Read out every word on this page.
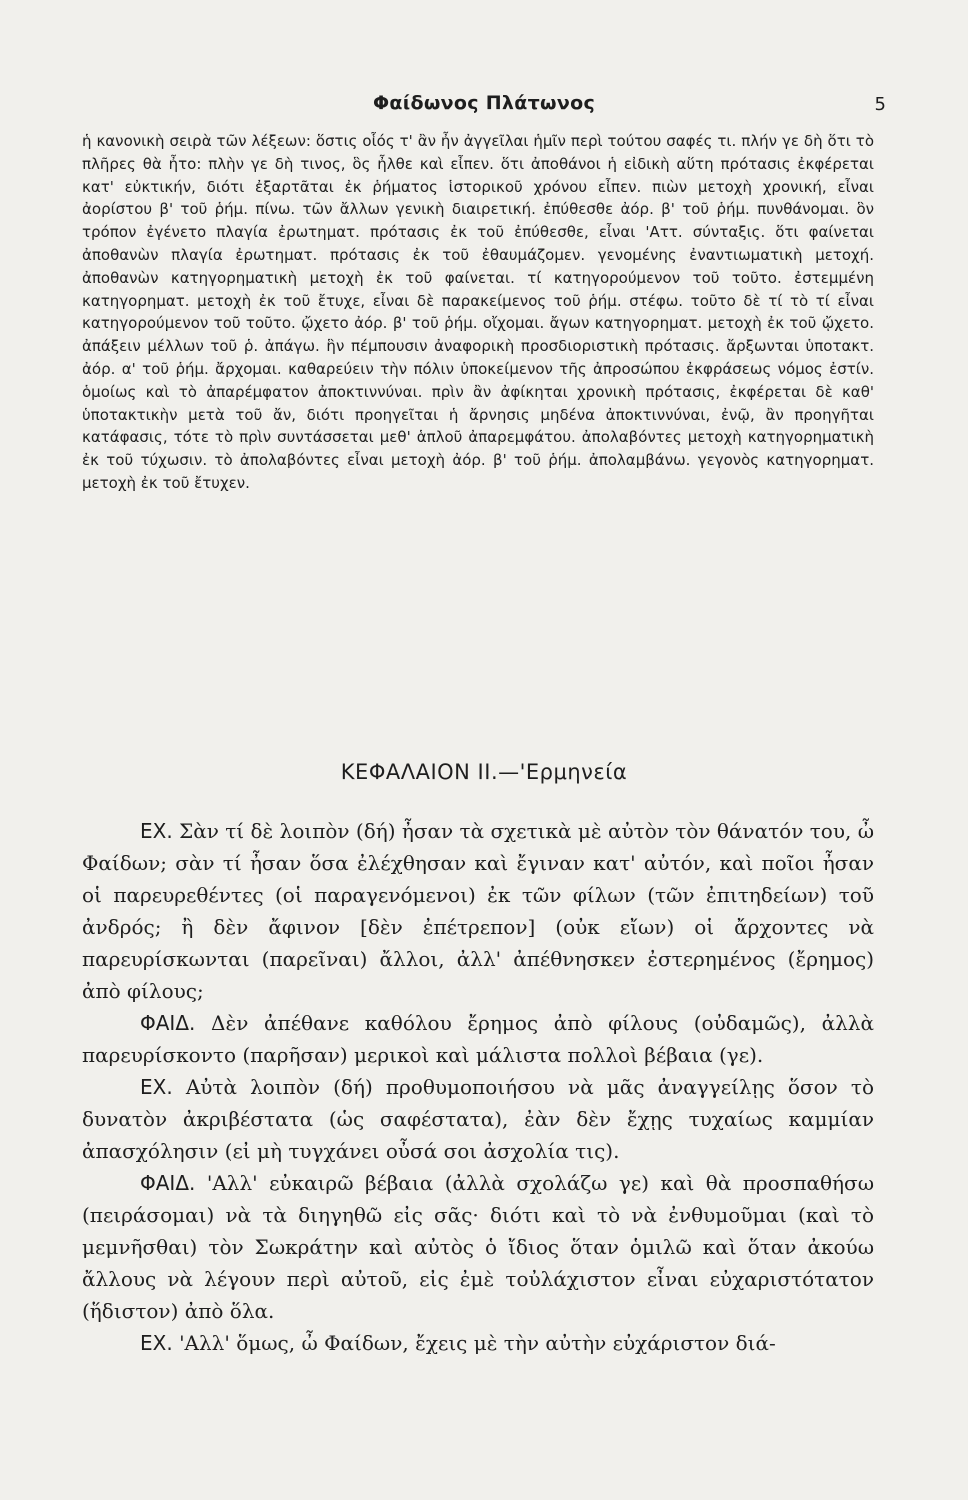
Φαίδωνος Πλάτωνος	5

ἡ κανονικὴ σειρὰ τῶν λέξεων: ὅστις οἷός τ' ἂν ἦν ἀγγεῖλαι ἡμῖν περὶ τούτου σαφές τι. πλήν γε δὴ ὅτι τὸ πλῆρες θὰ ἦτο: πλὴν γε δὴ τινος, ὃς ἦλθε καὶ εἶπεν. ὅτι ἀποθάνοι ἡ εἰδικὴ αὕτη πρότασις ἐκφέρεται κατ' εὐκτικήν, διότι ἐξαρτᾶται ἐκ ῥήματος ἱστορικοῦ χρόνου εἶπεν. πιὼν μετοχὴ χρονική, εἶναι ἀορίστου β' τοῦ ῥήμ. πίνω. τῶν ἄλλων γενικὴ διαιρετική. ἐπύθεσθε ἀόρ. β' τοῦ ῥήμ. πυνθάνομαι. ὃν τρόπον ἐγένετο πλαγία ἐρωτηματ. πρότασις ἐκ τοῦ ἐπύθεσθε, εἶναι 'Αττ. σύνταξις. ὅτι φαίνεται ἀποθανὼν πλαγία ἐρωτηματ. πρότασις ἐκ τοῦ ἐθαυμάζομεν. γενομένης ἐναντιωματικὴ μετοχή. ἀποθανὼν κατηγορηματικὴ μετοχὴ ἐκ τοῦ φαίνεται. τί κατηγορούμενον τοῦ τοῦτο. ἐστεμμένη κατηγορηματ. μετοχὴ ἐκ τοῦ ἔτυχε, εἶναι δὲ παρακείμενος τοῦ ῥήμ. στέφω. τοῦτο δὲ τί τὸ τί εἶναι κατηγορούμενον τοῦ τοῦτο. ᾤχετο ἀόρ. β' τοῦ ῥήμ. οἴχομαι. ἄγων κατηγορηματ. μετοχὴ ἐκ τοῦ ᾤχετο. ἀπάξειν μέλλων τοῦ ῥ. ἀπάγω. ἣν πέμπουσιν ἀναφορικὴ προσδιοριστικὴ πρότασις. ἄρξωνται ὑποτακτ. ἀόρ. α' τοῦ ῥήμ. ἄρχομαι. καθαρεύειν τὴν πόλιν ὑποκείμενον τῆς ἀπροσώπου ἐκφράσεως νόμος ἐστίν. ὁμοίως καὶ τὸ ἀπαρέμφατον ἀποκτιννύναι. πρὶν ἂν ἀφίκηται χρονικὴ πρότασις, ἐκφέρεται δὲ καθ' ὑποτακτικὴν μετὰ τοῦ ἄν, διότι προηγεῖται ἡ ἄρνησις μηδένα ἀποκτιννύναι, ἐνῷ, ἂν προηγῆται κατάφασις, τότε τὸ πρὶν συντάσσεται μεθ' ἁπλοῦ ἀπαρεμφάτου. ἀπολαβόντες μετοχὴ κατηγορηματικὴ ἐκ τοῦ τύχωσιν. τὸ ἀπολαβόντες εἶναι μετοχὴ ἀόρ. β' τοῦ ῥήμ. ἀπολαμβάνω. γεγονὸς κατηγορηματ. μετοχὴ ἐκ τοῦ ἔτυχεν.

ΚΕΦΑΛΑΙΟΝ ΙΙ.—'Ερμηνεία

ΕΧ. Σὰν τί δὲ λοιπὸν (δή) ἦσαν τὰ σχετικὰ μὲ αὐτὸν τὸν θάνατόν του, ὦ Φαίδων; σὰν τί ἦσαν ὅσα ἐλέχθησαν καὶ ἔγιναν κατ' αὐτόν, καὶ ποῖοι ἦσαν οἱ παρευρεθέντες (οἱ παραγενόμενοι) ἐκ τῶν φίλων (τῶν ἐπιτηδείων) τοῦ ἀνδρός; ἢ δὲν ἄφινον [δὲν ἐπέτρεπον] (οὐκ εἴων) οἱ ἄρχοντες νὰ παρευρίσκωνται (παρεῖναι) ἄλλοι, ἀλλ' ἀπέθνησκεν ἐστερημένος (ἔρημος) ἀπὸ φίλους;

ΦΑΙΔ. Δὲν ἀπέθανε καθόλου ἔρημος ἀπὸ φίλους (οὐδαμῶς), ἀλλὰ παρευρίσκοντο (παρῆσαν) μερικοὶ καὶ μάλιστα πολλοὶ βέβαια (γε).

ΕΧ. Αὐτὰ λοιπὸν (δή) προθυμοποιήσου νὰ μᾶς ἀναγγείλῃς ὅσον τὸ δυνατὸν ἀκριβέστατα (ὡς σαφέστατα), ἐὰν δὲν ἔχῃς τυχαίως καμμίαν ἀπασχόλησιν (εἰ μὴ τυγχάνει οὖσά σοι ἀσχολία τις).

ΦΑΙΔ. 'Αλλ' εὐκαιρῶ βέβαια (ἀλλὰ σχολάζω γε) καὶ θὰ προσπαθήσω (πειράσομαι) νὰ τὰ διηγηθῶ εἰς σᾶς· διότι καὶ τὸ νὰ ἐνθυμοῦμαι (καὶ τὸ μεμνῆσθαι) τὸν Σωκράτην καὶ αὐτὸς ὁ ἴδιος ὅταν ὁμιλῶ καὶ ὅταν ἀκούω ἄλλους νὰ λέγουν περὶ αὐτοῦ, εἰς ἐμὲ τοὐλάχιστον εἶναι εὐχαριστότατον (ἥδιστον) ἀπὸ ὅλα.

ΕΧ. 'Αλλ' ὅμως, ὦ Φαίδων, ἔχεις μὲ τὴν αὐτὴν εὐχάριστον διά-
